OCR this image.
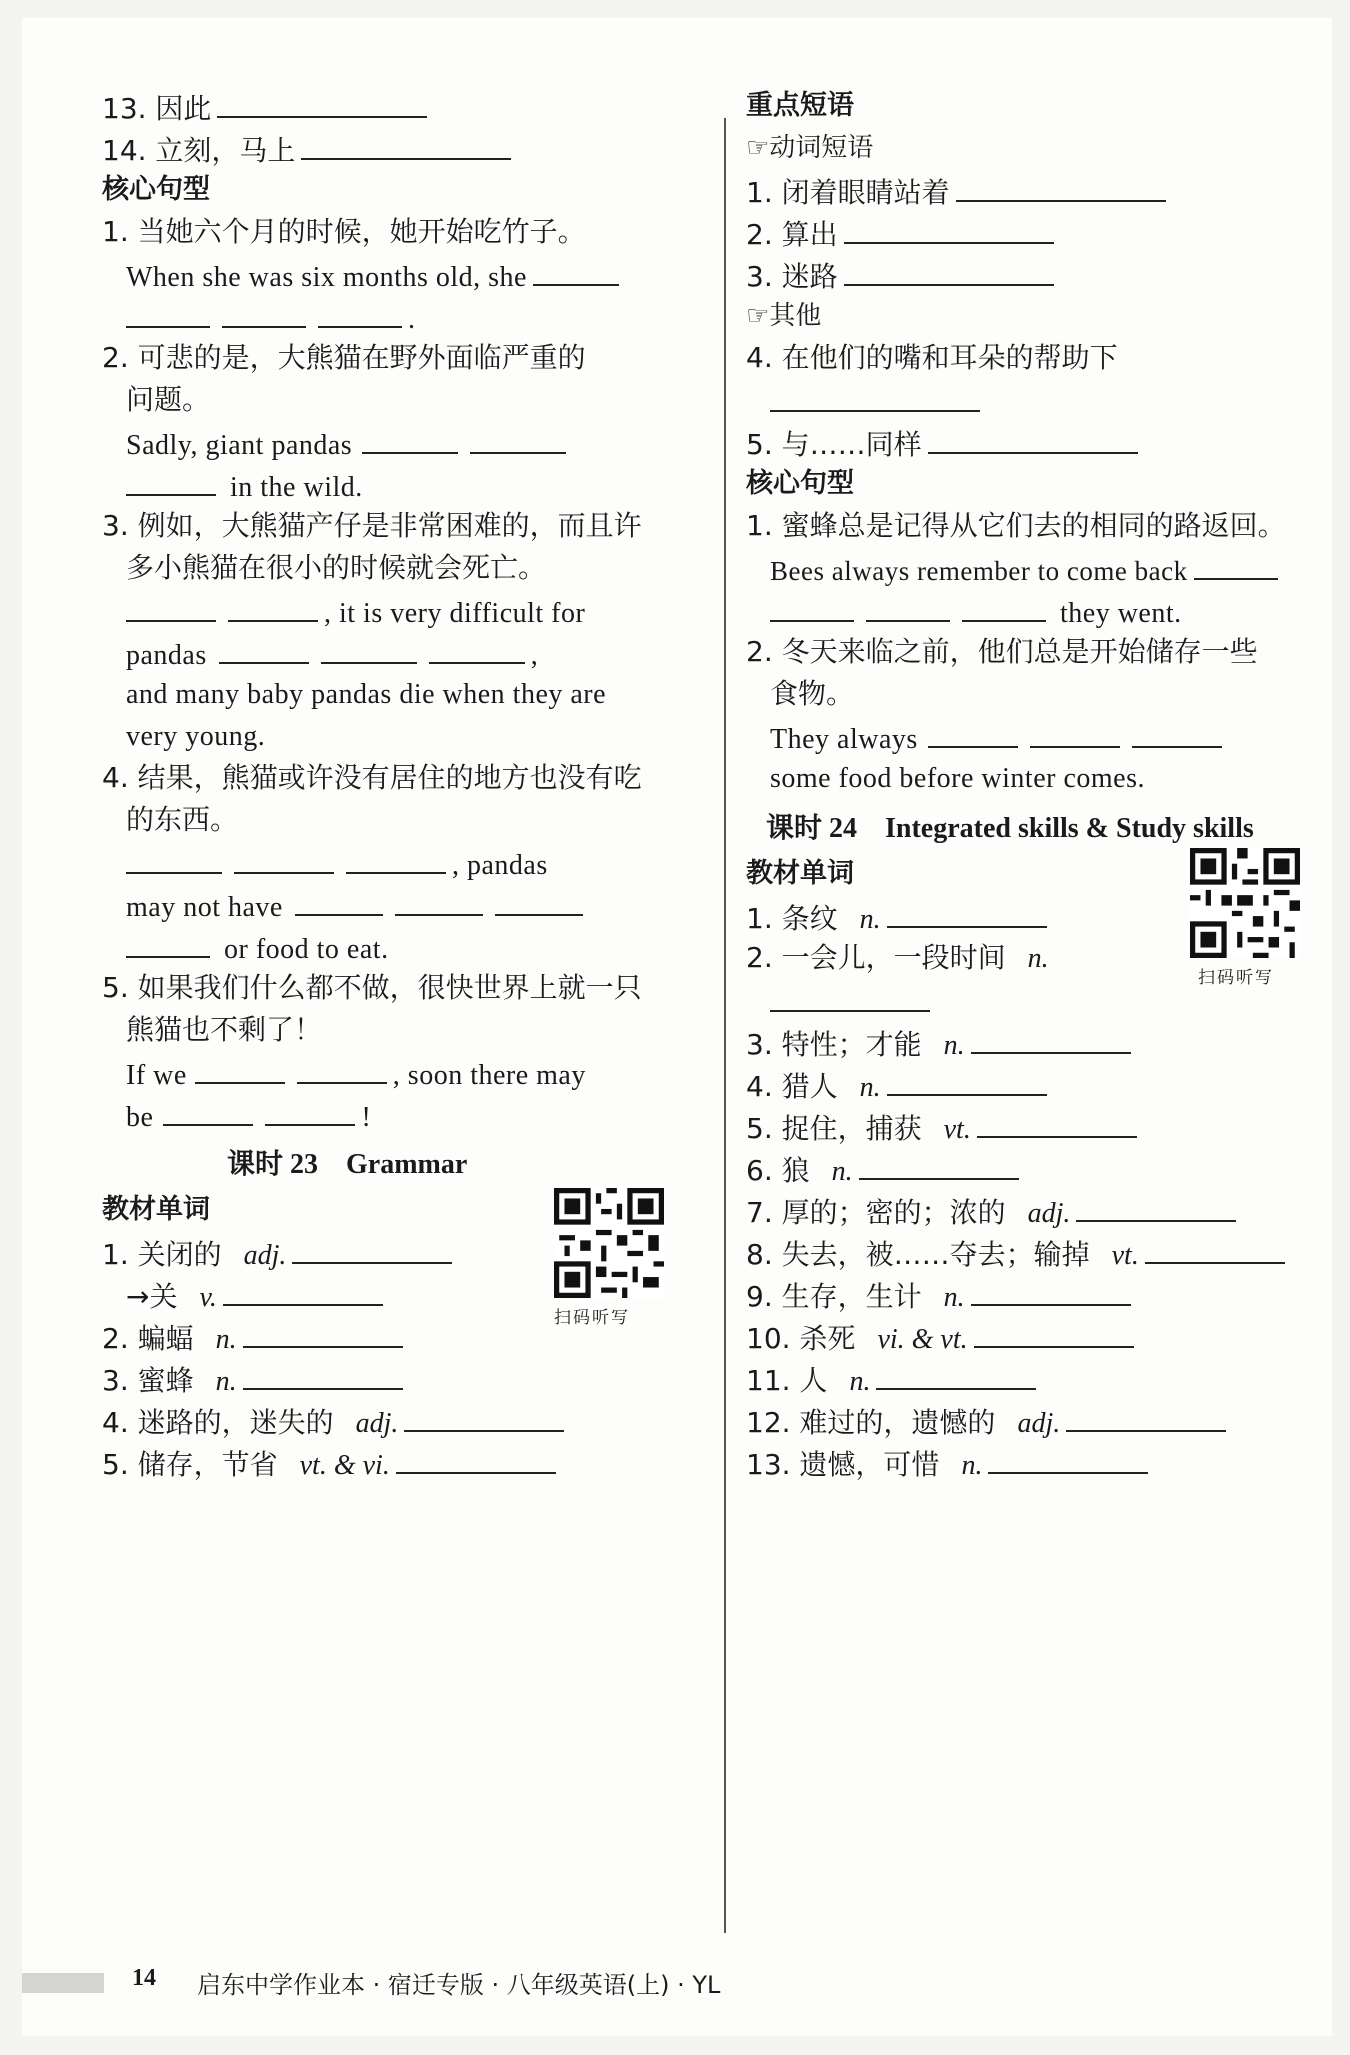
13. 因此
14. 立刻，马上
核心句型
1. 当她六个月的时候，她开始吃竹子。
When she was six months old, she
.
2. 可悲的是，大熊猫在野外面临严重的
问题。
Sadly, giant pandas
in the wild.
3. 例如，大熊猫产仔是非常困难的，而且许
多小熊猫在很小的时候就会死亡。
, it is very difficult for
pandas	,
and many baby pandas die when they are
very young.
4. 结果，熊猫或许没有居住的地方也没有吃
的东西。
, pandas
may not have
or food to eat.
5. 如果我们什么都不做，很快世界上就一只
熊猫也不剩了！
If we	, soon there may
be	!
课时 23　Grammar
教材单词
扫码听写
1. 关闭的 adj.
→关 v.
2. 蝙蝠 n.
3. 蜜蜂 n.
4. 迷路的，迷失的 adj.
5. 储存，节省 vt. & vi.
重点短语
☞动词短语
1. 闭着眼睛站着
2. 算出
3. 迷路
☞其他
4. 在他们的嘴和耳朵的帮助下
5. 与……同样
核心句型
1. 蜜蜂总是记得从它们去的相同的路返回。
Bees always remember to come back
they went.
2. 冬天来临之前，他们总是开始储存一些
食物。
They always
some food before winter comes.
课时 24　Integrated skills & Study skills
教材单词
扫码听写
1. 条纹 n.
2. 一会儿，一段时间 n.
3. 特性；才能 n.
4. 猎人 n.
5. 捉住，捕获 vt.
6. 狼 n.
7. 厚的；密的；浓的 adj.
8. 失去，被……夺去；输掉 vt.
9. 生存，生计 n.
10. 杀死 vi. & vt.
11. 人 n.
12. 难过的，遗憾的 adj.
13. 遗憾，可惜 n.
14 启东中学作业本 · 宿迁专版 · 八年级英语(上) · YL
